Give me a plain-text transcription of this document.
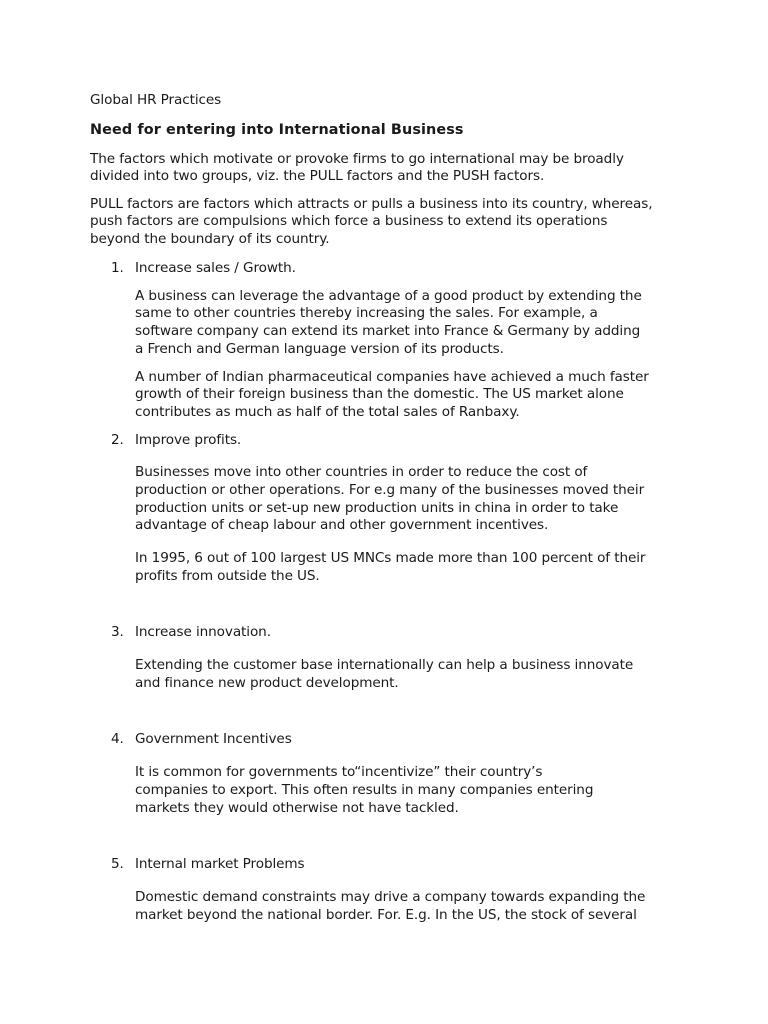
Global HR Practices

Need for entering into International Business

The factors which motivate or provoke firms to go international may be broadly

divided into two groups, viz. the PULL factors and the PUSH factors.

PULL factors are factors which attracts or pulls a business into its country, whereas,

push factors are compulsions which force a business to extend its operations

beyond the boundary of its country.

1. Increase sales / Growth.

A business can leverage the advantage of a good product by extending the

same to other countries thereby increasing the sales. For example, a

software company can extend its market into France & Germany by adding

a French and German language version of its products.

A number of Indian pharmaceutical companies have achieved a much faster

growth of their foreign business than the domestic. The US market alone

contributes as much as half of the total sales of Ranbaxy.

2. Improve profits.

Businesses move into other countries in order to reduce the cost of

production or other operations. For e.g many of the businesses moved their

production units or set-up new production units in china in order to take

advantage of cheap labour and other government incentives.

In 1995, 6 out of 100 largest US MNCs made more than 100 percent of their

profits from outside the US.

3. Increase innovation.

Extending the customer base internationally can help a business innovate

and finance new product development.

4. Government Incentives

It is common for governments to“incentivize” their country’s

companies to export. This often results in many companies entering

markets they would otherwise not have tackled.

5. Internal market Problems

Domestic demand constraints may drive a company towards expanding the

market beyond the national border. For. E.g. In the US, the stock of several
